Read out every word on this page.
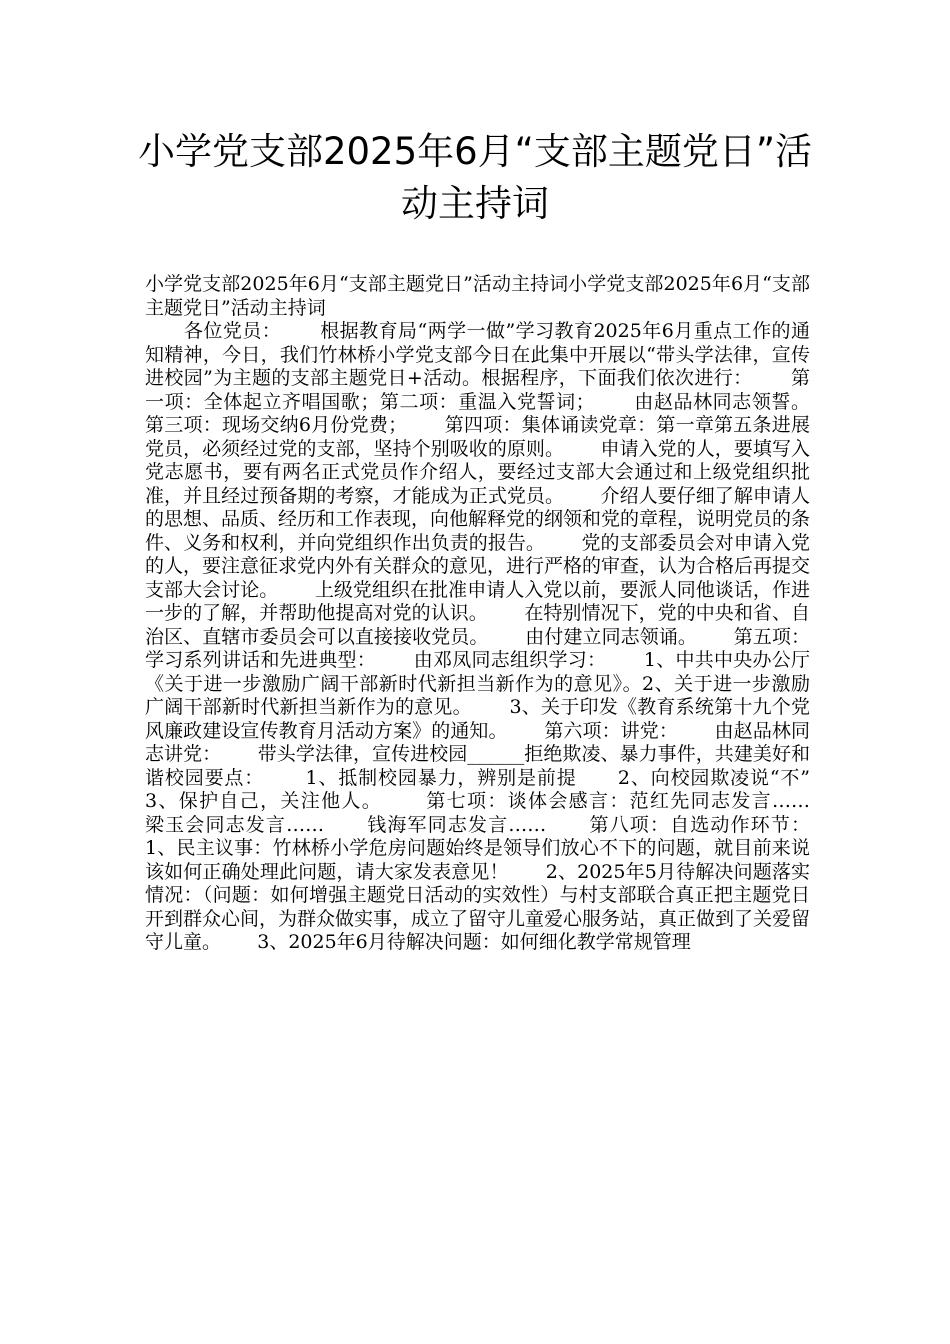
小学党支部2025年6月“支部主题党日”活动主持词

小学党支部2025年6月“支部主题党日”活动主持词小学党支部2025年6月“支部主题党日”活动主持词
各位党员：      根据教育局“两学一做”学习教育2025年6月重点工作的通知精神，今日，我们竹林桥小学党支部今日在此集中开展以“带头学法律，宣传进校园”为主题的支部主题党日+活动。根据程序，下面我们依次进行：      第一项：全体起立齐唱国歌；第二项：重温入党誓词；      由赵品林同志领誓。      第三项：现场交纳6月份党费；      第四项：集体诵读党章：第一章第五条进展党员，必须经过党的支部，坚持个别吸收的原则。      申请入党的人，要填写入党志愿书，要有两名正式党员作介绍人，要经过支部大会通过和上级党组织批准，并且经过预备期的考察，才能成为正式党员。      介绍人要仔细了解申请人的思想、品质、经历和工作表现，向他解释党的纲领和党的章程，说明党员的条件、义务和权利，并向党组织作出负责的报告。      党的支部委员会对申请入党的人，要注意征求党内外有关群众的意见，进行严格的审查，认为合格后再提交支部大会讨论。      上级党组织在批准申请人入党以前，要派人同他谈话，作进一步的了解，并帮助他提高对党的认识。      在特别情况下，党的中央和省、自治区、直辖市委员会可以直接接收党员。      由付建立同志领诵。      第五项：学习系列讲话和先进典型：      由邓凤同志组织学习：      1、中共中央办公厅《关于进一步激励广阔干部新时代新担当新作为的意见》。2、关于进一步激励广阔干部新时代新担当新作为的意见。      3、关于印发《教育系统第十九个党风廉政建设宣传教育月活动方案》的通知。      第六项：讲党：      由赵品林同志讲党：      带头学法律，宣传进校园______拒绝欺凌、暴力事件，共建美好和谐校园要点：      1、抵制校园暴力，辨别是前提      2、向校园欺凌说“不”      3、保护自己，关注他人。      第七项：谈体会感言：范红先同志发言……      梁玉会同志发言……      钱海军同志发言……      第八项：自选动作环节：      1、民主议事：竹林桥小学危房问题始终是领导们放心不下的问题，就目前来说该如何正确处理此问题，请大家发表意见！      2、2025年5月待解决问题落实情况：（问题：如何增强主题党日活动的实效性）与村支部联合真正把主题党日开到群众心间，为群众做实事，成立了留守儿童爱心服务站，真正做到了关爱留守儿童。      3、2025年6月待解决问题：如何细化教学常规管理
